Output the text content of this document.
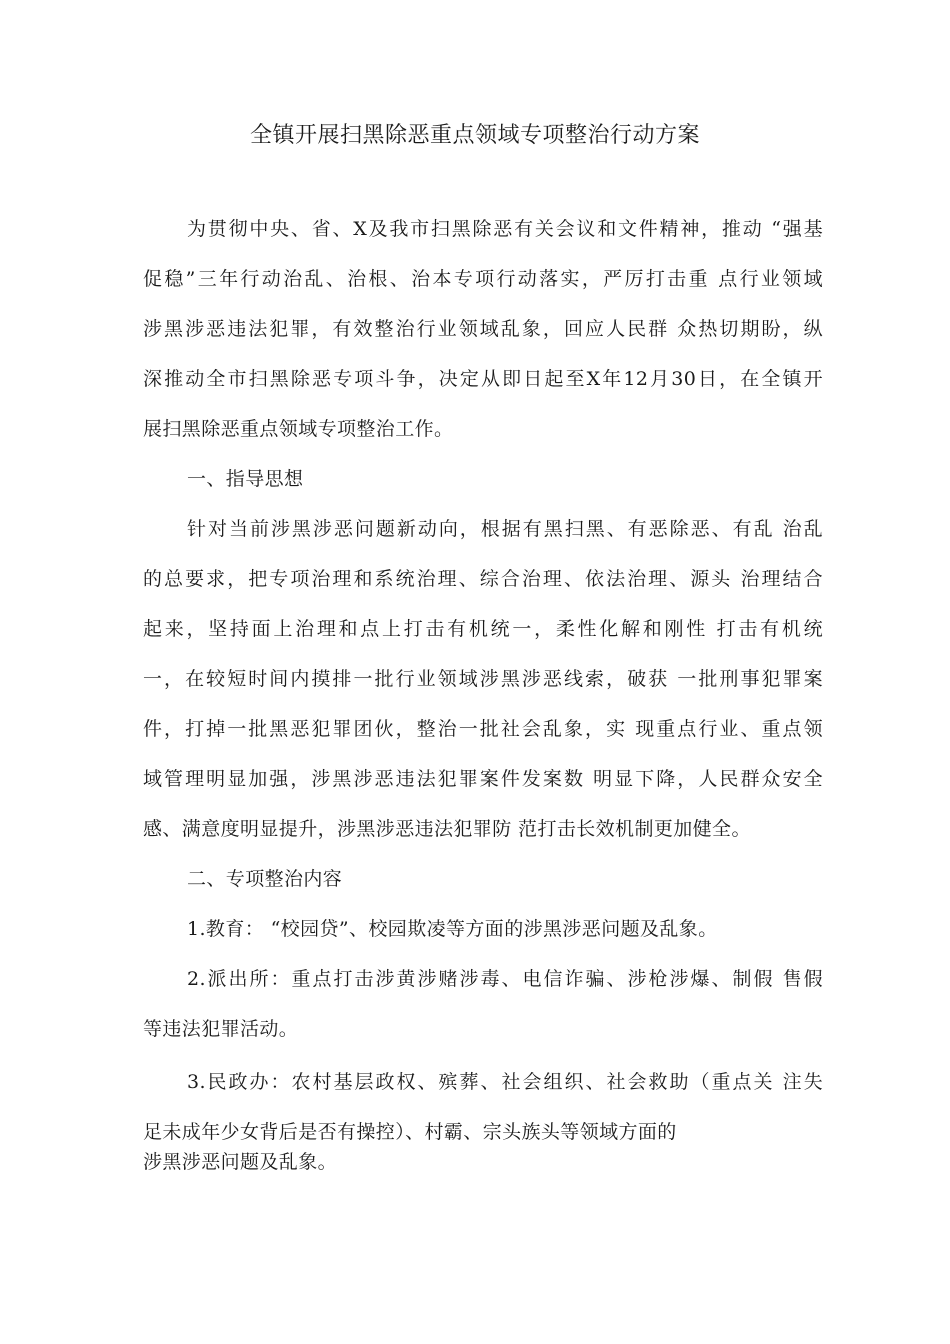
全镇开展扫黑除恶重点领域专项整治行动方案

为贯彻中央、省、X及我市扫黑除恶有关会议和文件精神，推动 “强基

促稳”三年行动治乱、治根、治本专项行动落实，严厉打击重 点行业领域

涉黑涉恶违法犯罪，有效整治行业领域乱象，回应人民群 众热切期盼，纵

深推动全市扫黑除恶专项斗争，决定从即日起至X年12月30日，在全镇开

展扫黑除恶重点领域专项整治工作。

一、指导思想

针对当前涉黑涉恶问题新动向，根据有黑扫黑、有恶除恶、有乱 治乱

的总要求，把专项治理和系统治理、综合治理、依法治理、源头 治理结合

起来，坚持面上治理和点上打击有机统一，柔性化解和刚性 打击有机统

一，在较短时间内摸排一批行业领域涉黑涉恶线索，破获 一批刑事犯罪案

件，打掉一批黑恶犯罪团伙，整治一批社会乱象，实 现重点行业、重点领

域管理明显加强，涉黑涉恶违法犯罪案件发案数 明显下降，人民群众安全

感、满意度明显提升，涉黑涉恶违法犯罪防 范打击长效机制更加健全。

二、专项整治内容

1.教育： “校园贷”、校园欺凌等方面的涉黑涉恶问题及乱象。

2.派出所：重点打击涉黄涉赌涉毒、电信诈骗、涉枪涉爆、制假 售假

等违法犯罪活动。

3.民政办：农村基层政权、殡葬、社会组织、社会救助（重点关 注失

足未成年少女背后是否有操控）、村霸、宗头族头等领域方面的

涉黑涉恶问题及乱象。
